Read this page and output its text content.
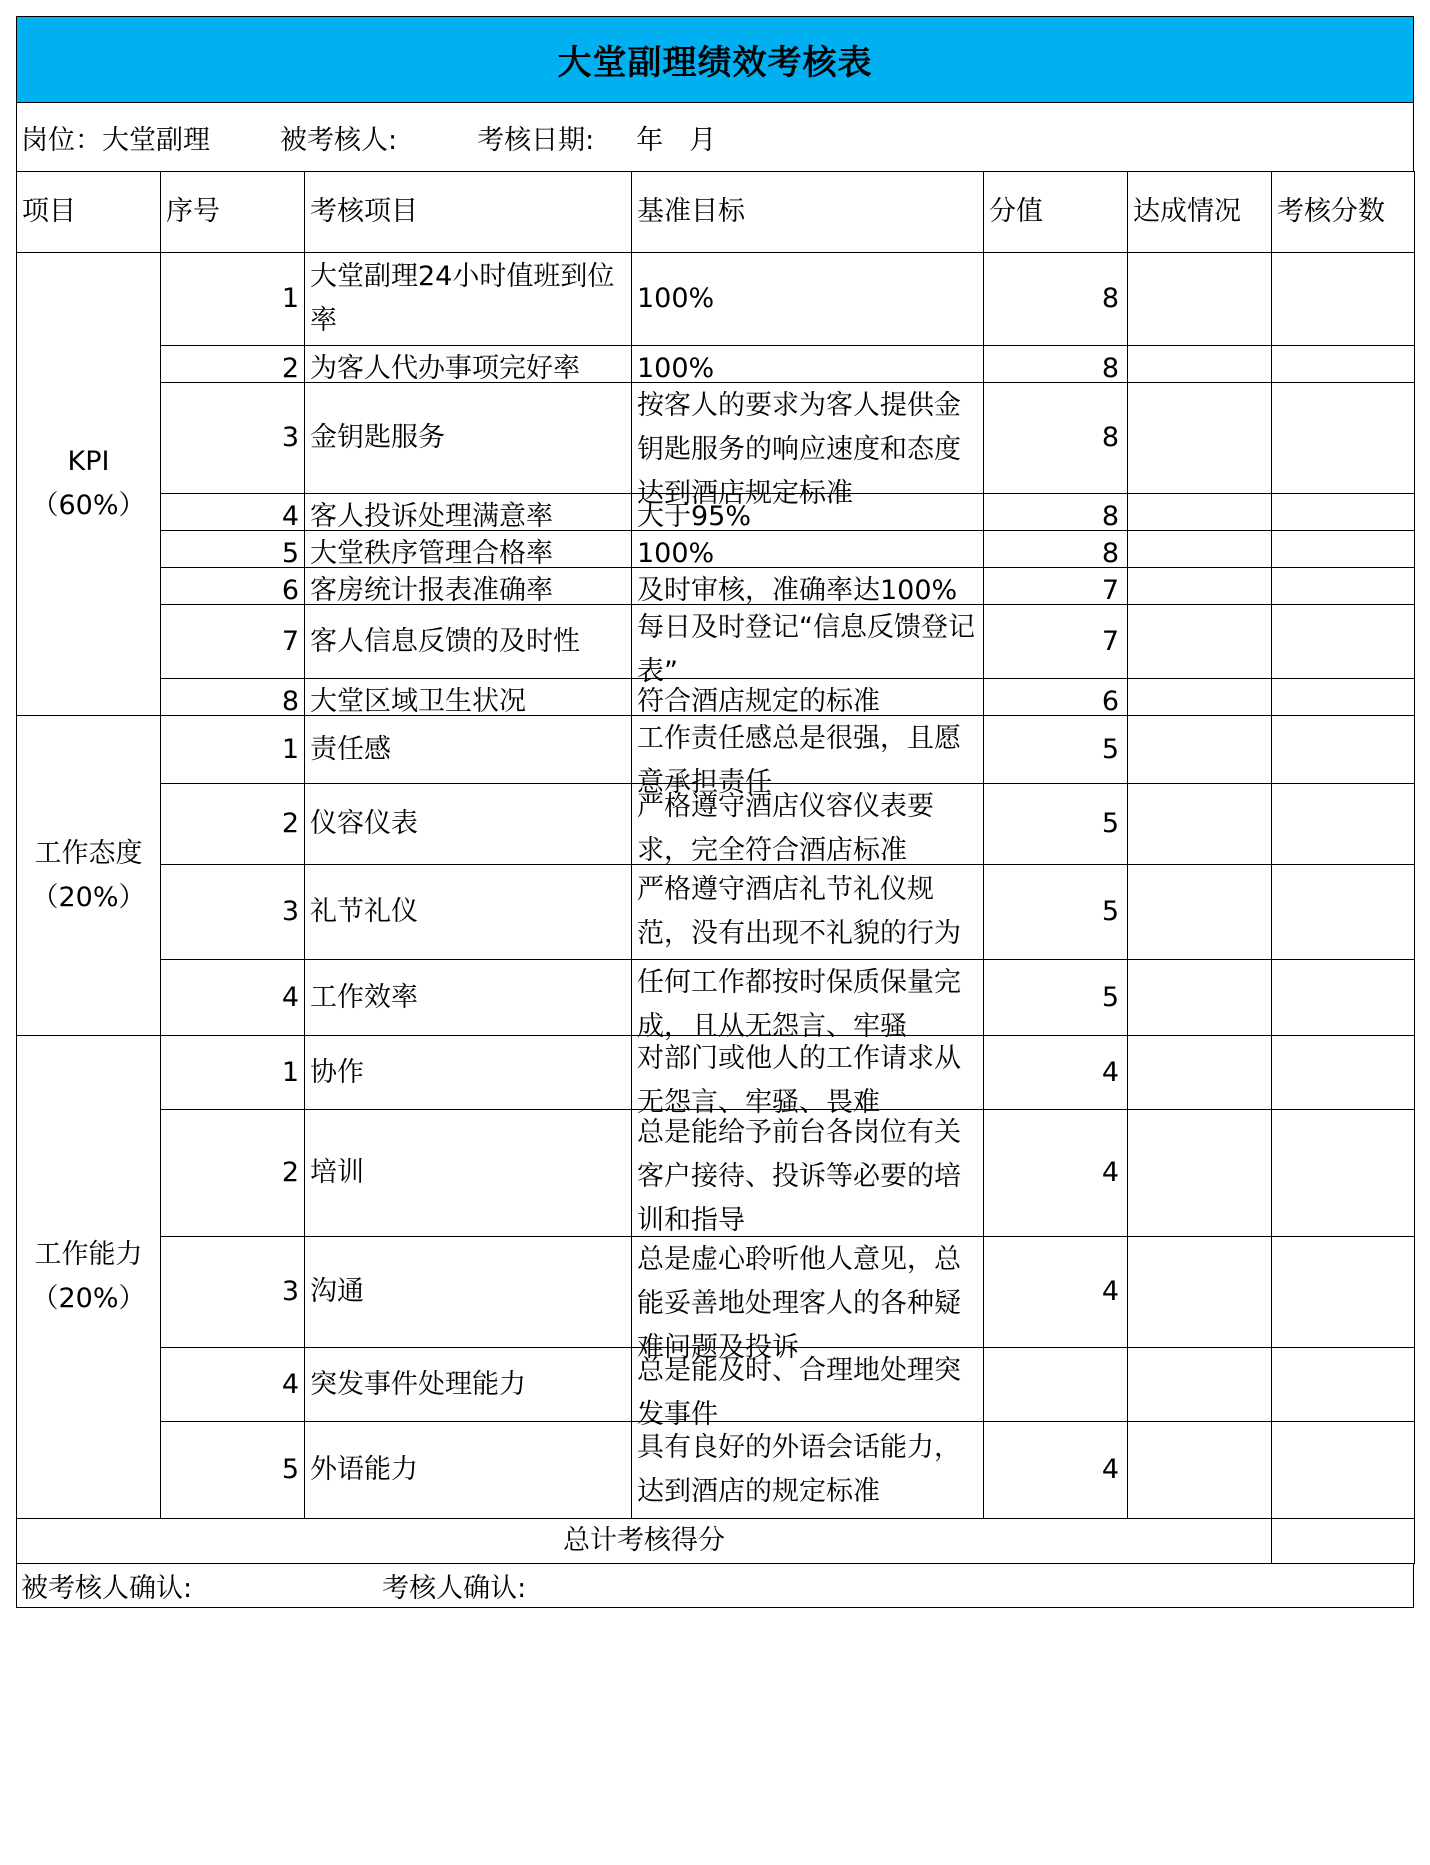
大堂副理绩效考核表
岗位：大堂副理	被考核人:	考核日期: 年 月
项目	序号	考核项目	基准目标	分值	达成情况	考核分数
KPI（60%）	1	大堂副理24小时值班到位率	100%	8		

	2	为客人代办事项完好率	100%	8		

	3	金钥匙服务	按客人的要求为客人提供金钥匙服务的响应速度和态度达到酒店规定标准	8		

	4	客人投诉处理满意率	大于95%	8		

	5	大堂秩序管理合格率	100%	8		

	6	客房统计报表准确率	及时审核，准确率达100%	7		

	7	客人信息反馈的及时性	每日及时登记“信息反馈登记表”	7		

	8	大堂区域卫生状况	符合酒店规定的标准	6		

工作态度（20%）	1	责任感	工作责任感总是很强，且愿意承担责任	5		

	2	仪容仪表	严格遵守酒店仪容仪表要求，完全符合酒店标准	5		

	3	礼节礼仪	严格遵守酒店礼节礼仪规范，没有出现不礼貌的行为	5		

	4	工作效率	任何工作都按时保质保量完成，且从无怨言、牢骚	5		

工作能力（20%）	1	协作	对部门或他人的工作请求从无怨言、牢骚、畏难	4		

	2	培训	总是能给予前台各岗位有关客户接待、投诉等必要的培训和指导	4		

	3	沟通	总是虚心聆听他人意见，总能妥善地处理客人的各种疑难问题及投诉	4		

	4	突发事件处理能力	总是能及时、合理地处理突发事件			

	5	外语能力	具有良好的外语会话能力，达到酒店的规定标准	4		

总计考核得分						
被考核人确认:	考核人确认:
